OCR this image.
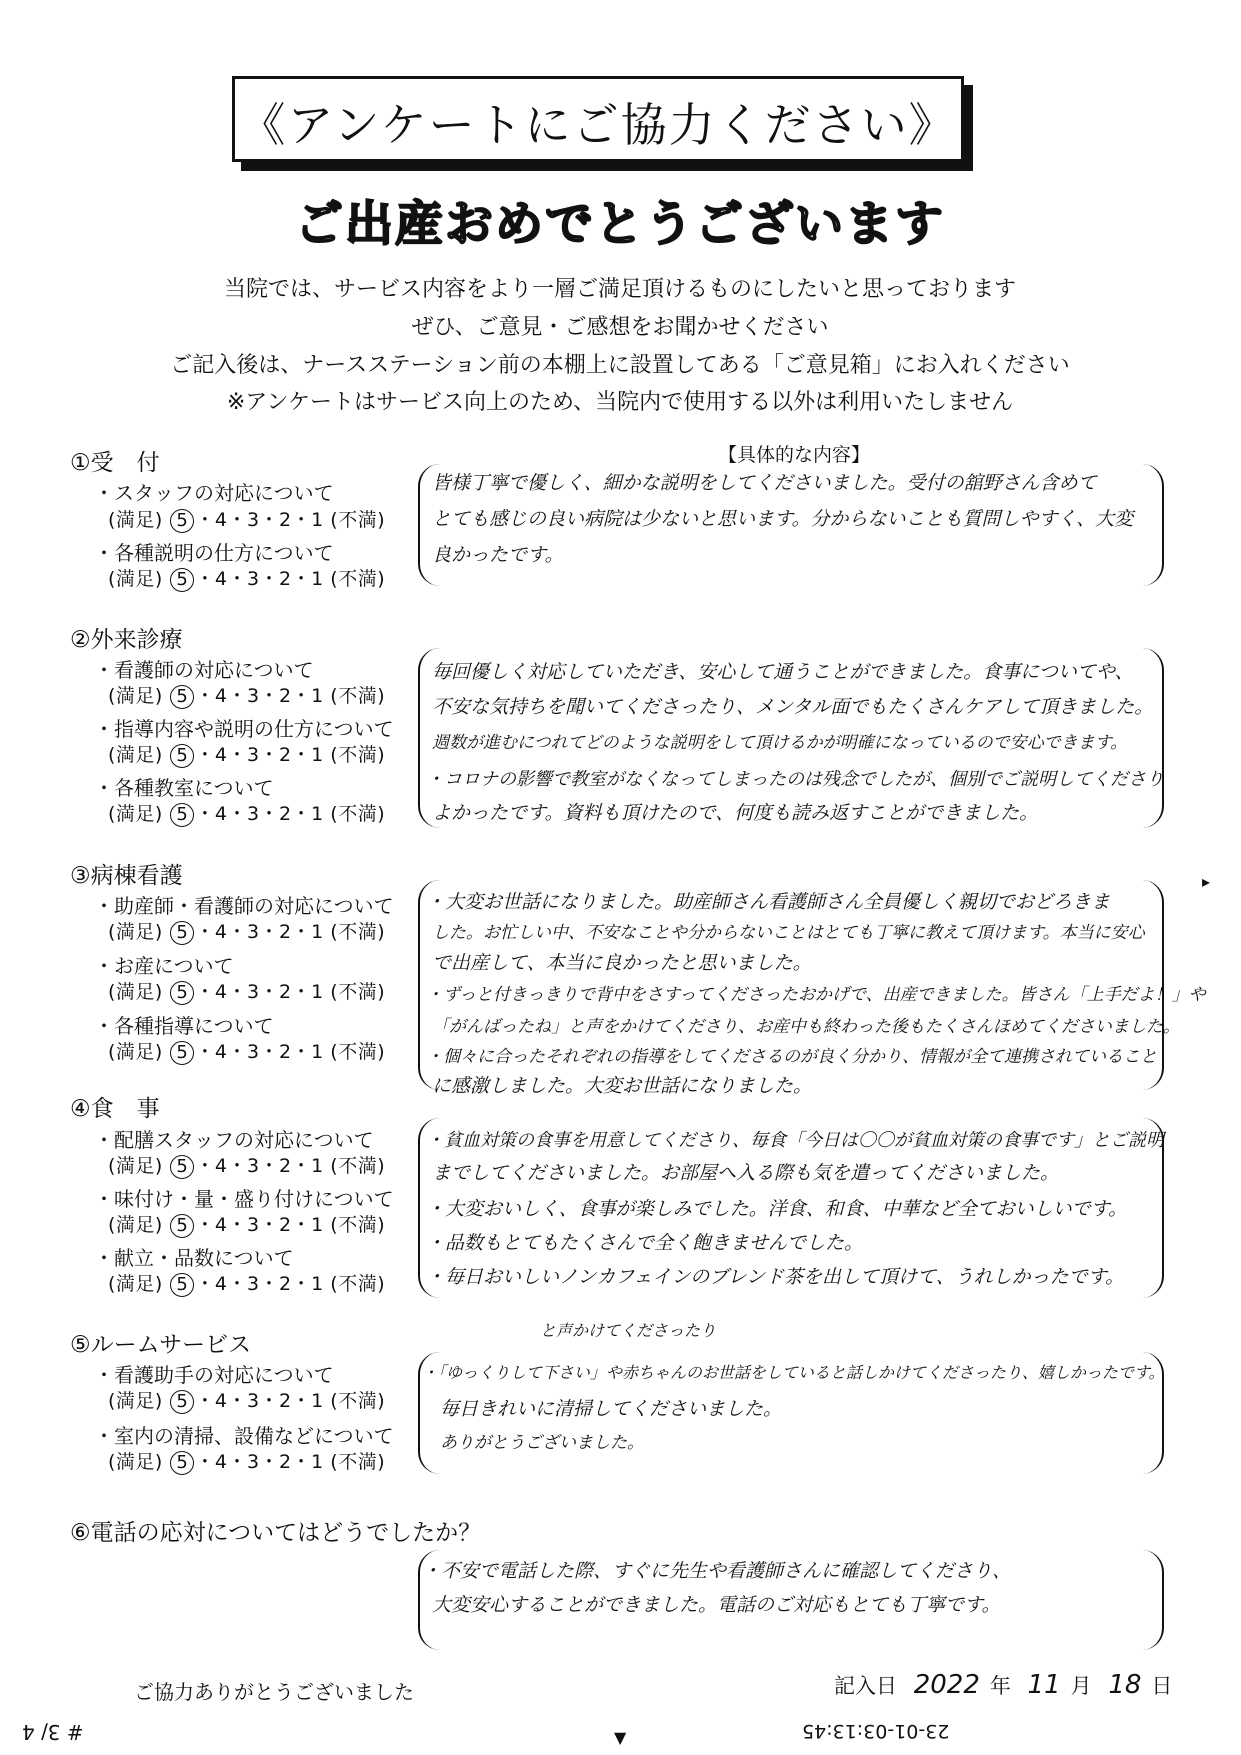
《アンケートにご協力ください》
ご出産おめでとうございます
当院では、サービス内容をより一層ご満足頂けるものにしたいと思っております
ぜひ、ご意見・ご感想をお聞かせください
ご記入後は、ナースステーション前の本棚上に設置してある「ご意見箱」にお入れください
※アンケートはサービス向上のため、当院内で使用する以外は利用いたしません
【具体的な内容】
①受　付
・スタッフの対応について
(満足) 5 ・4・3・2・1 (不満)
・各種説明の仕方について
(満足) 5 ・4・3・2・1 (不満)
皆様丁寧で優しく、細かな説明をしてくださいました。受付の舘野さん含めて
とても感じの良い病院は少ないと思います。分からないことも質問しやすく、大変
良かったです。
②外来診療
・看護師の対応について
(満足) 5 ・4・3・2・1 (不満)
・指導内容や説明の仕方について
(満足) 5 ・4・3・2・1 (不満)
・各種教室について
(満足) 5 ・4・3・2・1 (不満)
毎回優しく対応していただき、安心して通うことができました。食事についてや、
不安な気持ちを聞いてくださったり、メンタル面でもたくさんケアして頂きました。
週数が進むにつれてどのような説明をして頂けるかが明確になっているので安心できます。
・コロナの影響で教室がなくなってしまったのは残念でしたが、個別でご説明してくださり
よかったです。資料も頂けたので、何度も読み返すことができました。
③病棟看護
・助産師・看護師の対応について
(満足) 5 ・4・3・2・1 (不満)
・お産について
(満足) 5 ・4・3・2・1 (不満)
・各種指導について
(満足) 5 ・4・3・2・1 (不満)
・大変お世話になりました。助産師さん看護師さん全員優しく親切でおどろきま
した。お忙しい中、不安なことや分からないことはとても丁寧に教えて頂けます。本当に安心
で出産して、本当に良かったと思いました。
・ずっと付きっきりで背中をさすってくださったおかげで、出産できました。皆さん「上手だよ！」や
「がんばったね」と声をかけてくださり、お産中も終わった後もたくさんほめてくださいました。
・個々に合ったそれぞれの指導をしてくださるのが良く分かり、情報が全て連携されていること
に感激しました。大変お世話になりました。
④食　事
・配膳スタッフの対応について
(満足) 5 ・4・3・2・1 (不満)
・味付け・量・盛り付けについて
(満足) 5 ・4・3・2・1 (不満)
・献立・品数について
(満足) 5 ・4・3・2・1 (不満)
・貧血対策の食事を用意してくださり、毎食「今日は〇〇が貧血対策の食事です」とご説明
までしてくださいました。お部屋へ入る際も気を遣ってくださいました。
・大変おいしく、食事が楽しみでした。洋食、和食、中華など全ておいしいです。
・品数もとてもたくさんで全く飽きませんでした。
・毎日おいしいノンカフェインのブレンド茶を出して頂けて、うれしかったです。
⑤ルームサービス
・看護助手の対応について
(満足) 5 ・4・3・2・1 (不満)
・室内の清掃、設備などについて
(満足) 5 ・4・3・2・1 (不満)
と声かけてくださったり
・「ゆっくりして下さい」や赤ちゃんのお世話をしていると話しかけてくださったり、嬉しかったです。
毎日きれいに清掃してくださいました。
ありがとうございました。
⑥電話の応対についてはどうでしたか？
・不安で電話した際、すぐに先生や看護師さんに確認してくださり、
大変安心することができました。電話のご対応もとても丁寧です。
▸
ご協力ありがとうございました	記入日 2022 年 11 月 18 日
# 3/ 4	▼	23-01-03:13:45
